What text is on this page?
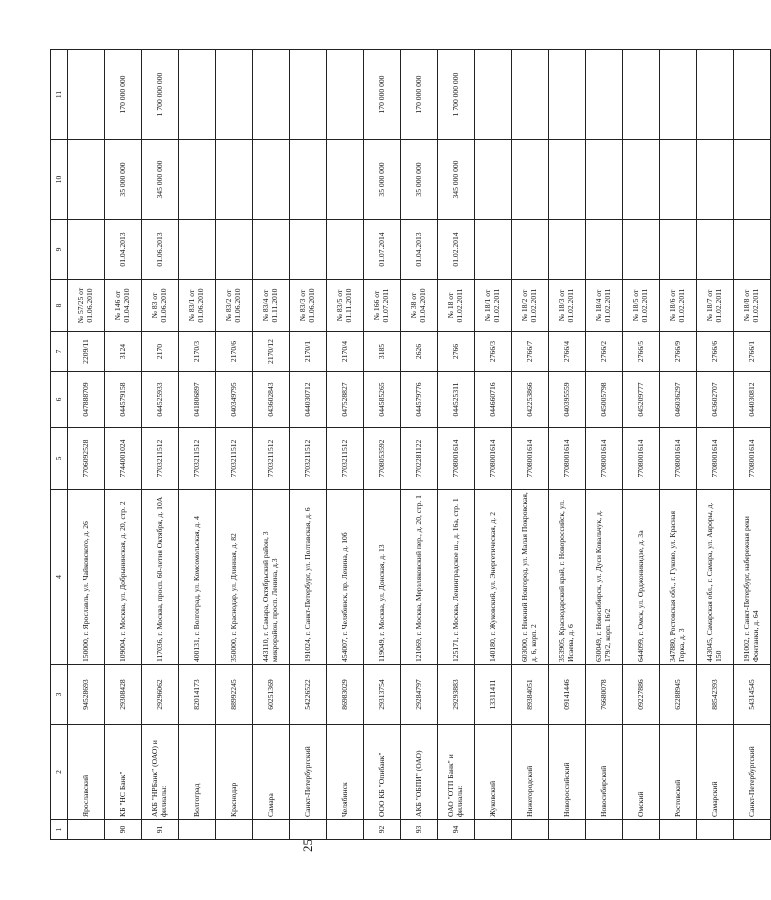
25
1	2	3	4	5	6	7	8	9	10	11
	Ярославский	94528693	150000, г. Ярославль, ул. Чайковского, д. 26	7706092528	047888709	2209/11	№ 57/25 от 01.06.2010			
90	КБ "НС Банк"	29308428	109004, г. Москва, ул. Добрынинская, д. 20, стр. 2	7744001024	044579158	3124	№ 146 от 01.04.2010	01.04.2013	35 000 000	170 000 000
91	АКБ "НРБанк" (ОАО) и филиалы:	29296062	117036, г. Москва, просп. 60-летия Октября, д. 10А	7703211512	044525933	2170	№ 83 от 01.06.2010	01.06.2013	345 000 000	1 700 000 000
	Волгоград	82014173	400131, г. Волгоград, ул. Комсомольская, д. 4	7703211512	041806897	2170/3	№ 83/1 от 01.06.2010			
	Краснодар	88992245	350000, г. Краснодар, ул. Длинная, д. 82	7703211512	040349795	2170/6	№ 83/2 от 01.06.2010			
	Самара	60251369	443110, г. Самара, Октябрьский район, 3 микрорайон, просп. Ленина, д.3	7703211512	043602843	2170/12	№ 83/4 от 01.11.2010			
	Санкт-Петербургский	54226522	191024, г. Санкт-Петербург, ул. Полтавская, д. 6	7703211512	044030712	2170/1	№ 83/3 от 01.06.2010			
	Челябинск	86983029	454007, г. Челябинск, пр. Ленина, д. 10б	7703211512	047528827	2170/4	№ 83/5 от 01.11.2010			
92	ООО КБ "Опнбанк"	29313754	119049, г. Москва, ул. Донская, д. 13	7708053592	044585265	3185	№ 166 от 01.07.2011	01.07.2014	35 000 000	170 000 000
93	АКБ "ОБПИ" (ОАО)	29284797	121069, г. Москва, Мерзляковский пер., д. 20, стр. 1	7702281122	044579776	2626	№ 38 от 01.04.2010	01.04.2013	35 000 000	170 000 000
94	ОАО "ОТП Банк" и филиалы:	29293883	125171, г. Москва, Ленинградское ш., д. 16а, стр. 1	7708001614	044525311	2766	№ 18 от 01.02.2011	01.02.2014	345 000 000	1 700 000 000
	Жуковский	13311411	140180, г. Жуковский, ул. Энергетическая, д. 2	7708001614	044660716	2766/3	№ 18/1 от 01.02.2011			
	Нижегородский	89384051	603000, г. Нижний Новгород, ул. Малая Покровская, д. 6, корп. 2	7708001614	042253866	2766/7	№ 18/2 от 01.02.2011			
	Новороссийский	09141446	353905, Краснодарский край, г. Новороссийск, ул. Исаева, д. 6	7708001614	040395559	2766/4	№ 18/3 от 01.02.2011			
	Новосибирский	76680078	630049, г. Новосибирск, ул. Дуси Ковальчук, д. 179/2, корп. 16/2	7708001614	045005798	2766/2	№ 18/4 от 01.02.2011			
	Омский	09227886	644099, г. Омск, ул. Орджоникидзе, д. 3а	7708001614	045209777	2766/5	№ 18/5 от 01.02.2011			
	Ростовский	62288945	347880, Ростовская обл., г. Гуково, ул. Красная Горка, д. 3	7708001614	046036297	2766/9	№ 18/6 от 01.02.2011			
	Самарский	88542393	443045, Самарская обл., г. Самара, ул. Авроры, д. 150	7708001614	043602707	2766/6	№ 18/7 от 01.02.2011			
	Санкт-Петербургский	54314545	191002, г. Санкт-Петербург, набережная реки Фонтанки, д. 64	7708001614	044030812	2766/1	№ 18/8 от 01.02.2011			
